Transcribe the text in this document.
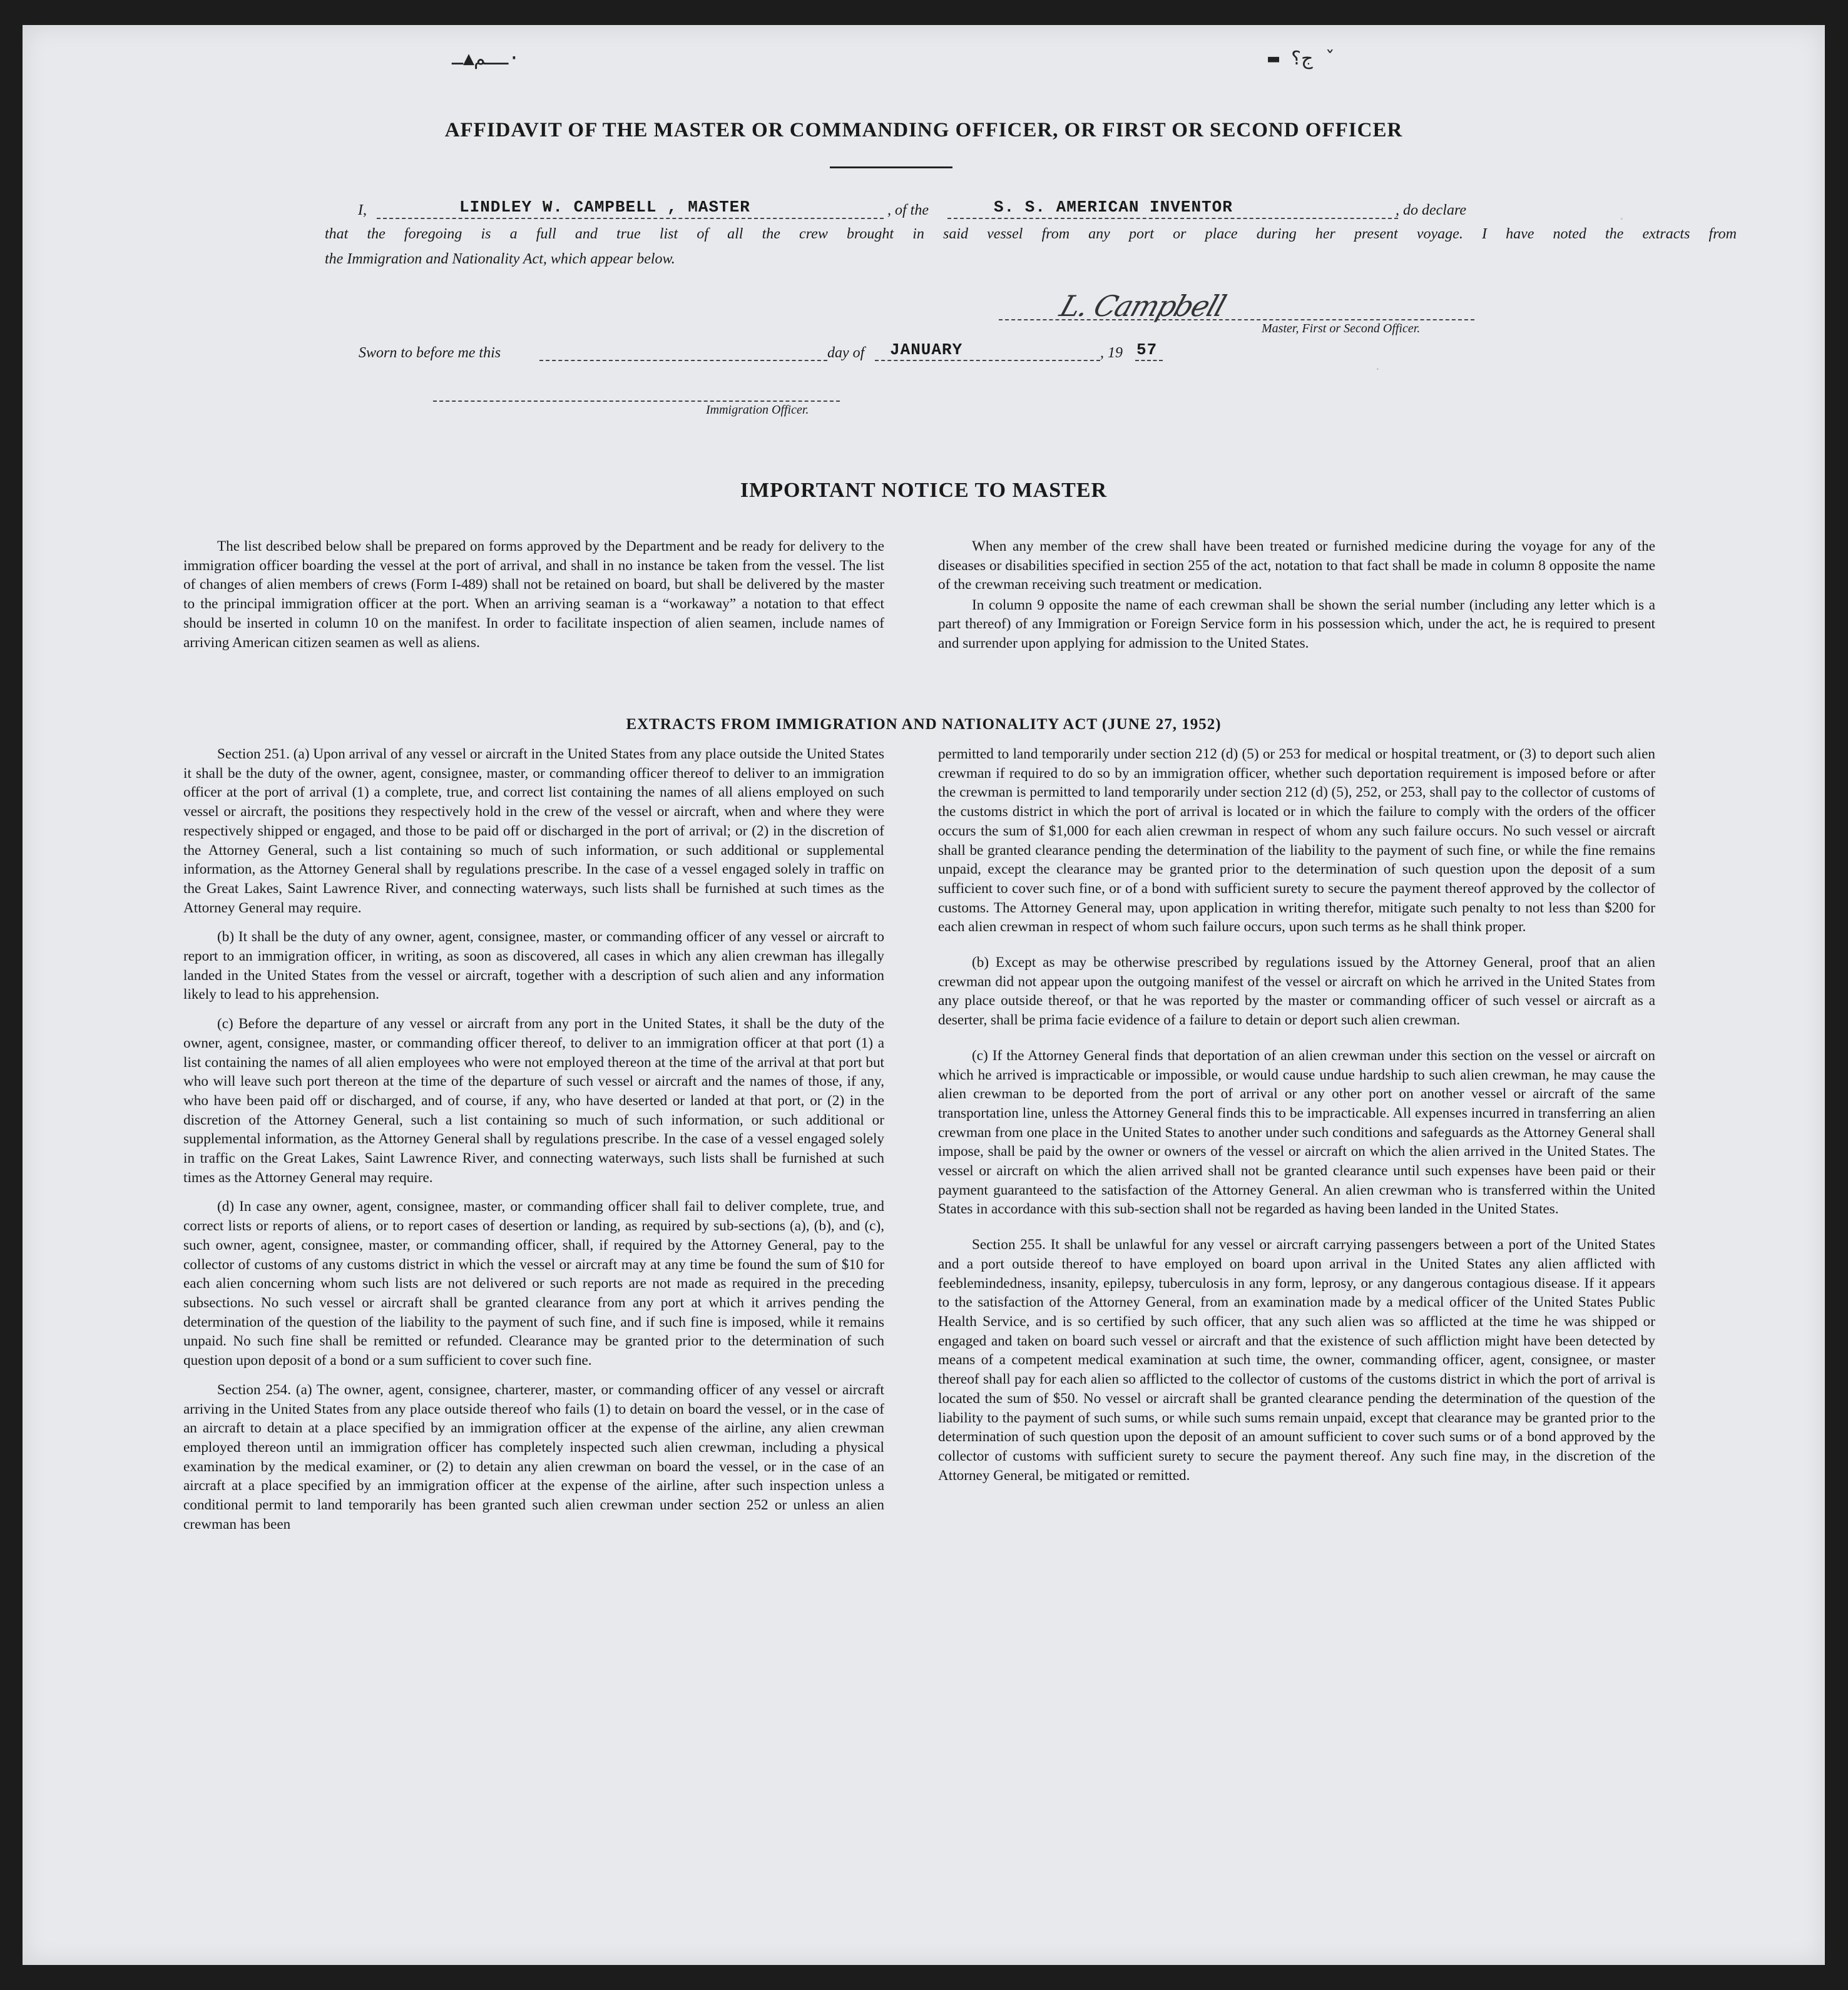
ــم▲ـ·	▬ ج؟ ˇ
·
·
AFFIDAVIT OF THE MASTER OR COMMANDING OFFICER, OR FIRST OR SECOND OFFICER
I,	LINDLEY W. CAMPBELL , MASTER	, of the	S. S. AMERICAN INVENTOR	, do declare
that the foregoing is a full and true list of all the crew brought in said vessel from any port or place during her present voyage. I have noted the extracts from
the Immigration and Nationality Act, which appear below.
L. Campbell
Master, First or Second Officer.
Sworn to before me this	day of JANUARY	, 19 57
Immigration Officer.
IMPORTANT NOTICE TO MASTER

The list described below shall be prepared on forms approved by the Department and be ready for delivery to the immigration officer boarding the vessel at the port of arrival, and shall in no instance be taken from the vessel. The list of changes of alien members of crews (Form I-489) shall not be retained on board, but shall be delivered by the master to the principal immigration officer at the port. When an arriving seaman is a “workaway” a notation to that effect should be inserted in column 10 on the manifest. In order to facilitate inspection of alien seamen, include names of arriving American citizen seamen as well as aliens.

When any member of the crew shall have been treated or furnished medicine during the voyage for any of the diseases or disabilities specified in section 255 of the act, notation to that fact shall be made in column 8 opposite the name of the crewman receiving such treatment or medication.

In column 9 opposite the name of each crewman shall be shown the serial number (including any letter which is a part thereof) of any Immigration or Foreign Service form in his possession which, under the act, he is required to present and surrender upon applying for admission to the United States.

EXTRACTS FROM IMMIGRATION AND NATIONALITY ACT (JUNE 27, 1952)

Section 251. (a) Upon arrival of any vessel or aircraft in the United States from any place outside the United States it shall be the duty of the owner, agent, consignee, master, or commanding officer thereof to deliver to an immigration officer at the port of arrival (1) a complete, true, and correct list containing the names of all aliens employed on such vessel or aircraft, the positions they respectively hold in the crew of the vessel or aircraft, when and where they were respectively shipped or engaged, and those to be paid off or discharged in the port of arrival; or (2) in the discretion of the Attorney General, such a list containing so much of such information, or such additional or supplemental information, as the Attorney General shall by regulations prescribe. In the case of a vessel engaged solely in traffic on the Great Lakes, Saint Lawrence River, and connecting waterways, such lists shall be furnished at such times as the Attorney General may require.

(b) It shall be the duty of any owner, agent, consignee, master, or commanding officer of any vessel or aircraft to report to an immigration officer, in writing, as soon as discovered, all cases in which any alien crewman has illegally landed in the United States from the vessel or aircraft, together with a description of such alien and any information likely to lead to his apprehension.

(c) Before the departure of any vessel or aircraft from any port in the United States, it shall be the duty of the owner, agent, consignee, master, or commanding officer thereof, to deliver to an immigration officer at that port (1) a list containing the names of all alien employees who were not employed thereon at the time of the arrival at that port but who will leave such port thereon at the time of the departure of such vessel or aircraft and the names of those, if any, who have been paid off or discharged, and of course, if any, who have deserted or landed at that port, or (2) in the discretion of the Attorney General, such a list containing so much of such information, or such additional or supplemental information, as the Attorney General shall by regulations prescribe. In the case of a vessel engaged solely in traffic on the Great Lakes, Saint Lawrence River, and connecting waterways, such lists shall be furnished at such times as the Attorney General may require.

(d) In case any owner, agent, consignee, master, or commanding officer shall fail to deliver complete, true, and correct lists or reports of aliens, or to report cases of desertion or landing, as required by sub-sections (a), (b), and (c), such owner, agent, consignee, master, or commanding officer, shall, if required by the Attorney General, pay to the collector of customs of any customs district in which the vessel or aircraft may at any time be found the sum of $10 for each alien concerning whom such lists are not delivered or such reports are not made as required in the preceding subsections. No such vessel or aircraft shall be granted clearance from any port at which it arrives pending the determination of the question of the liability to the payment of such fine, and if such fine is imposed, while it remains unpaid. No such fine shall be remitted or refunded. Clearance may be granted prior to the determination of such question upon deposit of a bond or a sum sufficient to cover such fine.

Section 254. (a) The owner, agent, consignee, charterer, master, or commanding officer of any vessel or aircraft arriving in the United States from any place outside thereof who fails (1) to detain on board the vessel, or in the case of an aircraft to detain at a place specified by an immigration officer at the expense of the airline, any alien crewman employed thereon until an immigration officer has completely inspected such alien crewman, including a physical examination by the medical examiner, or (2) to detain any alien crewman on board the vessel, or in the case of an aircraft at a place specified by an immigration officer at the expense of the airline, after such inspection unless a conditional permit to land temporarily has been granted such alien crewman under section 252 or unless an alien crewman has been

permitted to land temporarily under section 212 (d) (5) or 253 for medical or hospital treatment, or (3) to deport such alien crewman if required to do so by an immigration officer, whether such deportation requirement is imposed before or after the crewman is permitted to land temporarily under section 212 (d) (5), 252, or 253, shall pay to the collector of customs of the customs district in which the port of arrival is located or in which the failure to comply with the orders of the officer occurs the sum of $1,000 for each alien crewman in respect of whom any such failure occurs. No such vessel or aircraft shall be granted clearance pending the determination of the liability to the payment of such fine, or while the fine remains unpaid, except the clearance may be granted prior to the determination of such question upon the deposit of a sum sufficient to cover such fine, or of a bond with sufficient surety to secure the payment thereof approved by the collector of customs. The Attorney General may, upon application in writing therefor, mitigate such penalty to not less than $200 for each alien crewman in respect of whom such failure occurs, upon such terms as he shall think proper.

(b) Except as may be otherwise prescribed by regulations issued by the Attorney General, proof that an alien crewman did not appear upon the outgoing manifest of the vessel or aircraft on which he arrived in the United States from any place outside thereof, or that he was reported by the master or commanding officer of such vessel or aircraft as a deserter, shall be prima facie evidence of a failure to detain or deport such alien crewman.

(c) If the Attorney General finds that deportation of an alien crewman under this section on the vessel or aircraft on which he arrived is impracticable or impossible, or would cause undue hardship to such alien crewman, he may cause the alien crewman to be deported from the port of arrival or any other port on another vessel or aircraft of the same transportation line, unless the Attorney General finds this to be impracticable. All expenses incurred in transferring an alien crewman from one place in the United States to another under such conditions and safeguards as the Attorney General shall impose, shall be paid by the owner or owners of the vessel or aircraft on which the alien arrived in the United States. The vessel or aircraft on which the alien arrived shall not be granted clearance until such expenses have been paid or their payment guaranteed to the satisfaction of the Attorney General. An alien crewman who is transferred within the United States in accordance with this sub-section shall not be regarded as having been landed in the United States.

Section 255. It shall be unlawful for any vessel or aircraft carrying passengers between a port of the United States and a port outside thereof to have employed on board upon arrival in the United States any alien afflicted with feeblemindedness, insanity, epilepsy, tuberculosis in any form, leprosy, or any dangerous contagious disease. If it appears to the satisfaction of the Attorney General, from an examination made by a medical officer of the United States Public Health Service, and is so certified by such officer, that any such alien was so afflicted at the time he was shipped or engaged and taken on board such vessel or aircraft and that the existence of such affliction might have been detected by means of a competent medical examination at such time, the owner, commanding officer, agent, consignee, or master thereof shall pay for each alien so afflicted to the collector of customs of the customs district in which the port of arrival is located the sum of $50. No vessel or aircraft shall be granted clearance pending the determination of the question of the liability to the payment of such sums, or while such sums remain unpaid, except that clearance may be granted prior to the determination of such question upon the deposit of an amount sufficient to cover such sums or of a bond approved by the collector of customs with sufficient surety to secure the payment thereof. Any such fine may, in the discretion of the Attorney General, be mitigated or remitted.
